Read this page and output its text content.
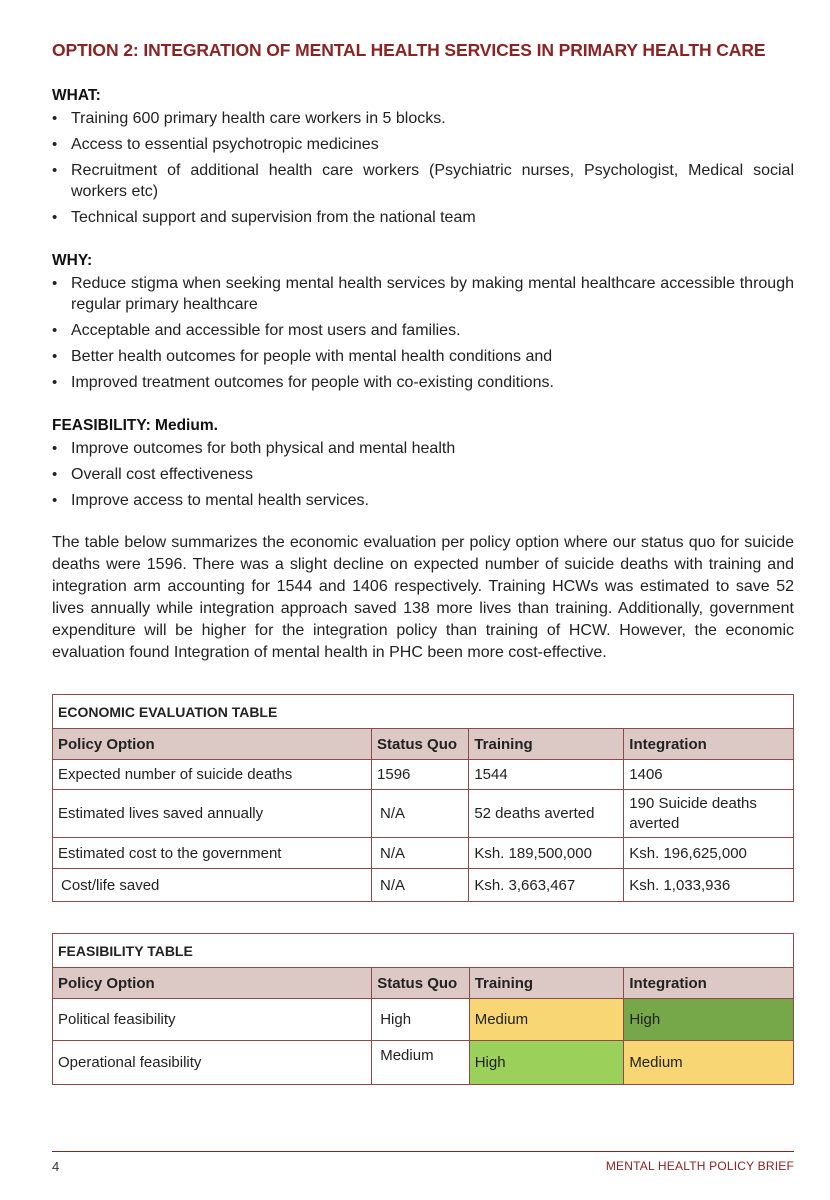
OPTION 2: INTEGRATION OF MENTAL HEALTH SERVICES IN PRIMARY HEALTH CARE

WHAT:

• Training 600 primary health care workers in 5 blocks.
• Access to essential psychotropic medicines
• Recruitment of additional health care workers (Psychiatric nurses, Psychologist, Medical social workers etc)
• Technical support and supervision from the national team

WHY:

• Reduce stigma when seeking mental health services by making mental healthcare accessible through regular primary healthcare
• Acceptable and accessible for most users and families.
• Better health outcomes for people with mental health conditions and
• Improved treatment outcomes for people with co-existing conditions.

FEASIBILITY: Medium.

• Improve outcomes for both physical and mental health
• Overall cost effectiveness
• Improve access to mental health services.

The table below summarizes the economic evaluation per policy option where our status quo for suicide deaths were 1596. There was a slight decline on expected number of suicide deaths with training and integration arm accounting for 1544 and 1406 respectively. Training HCWs was estimated to save 52 lives annually while integration approach saved 138 more lives than training. Additionally, government expenditure will be higher for the integration policy than training of HCW. However, the economic evaluation found Integration of mental health in PHC been more cost-effective.

ECONOMIC EVALUATION TABLE			
Policy Option	Status Quo	Training	Integration
Expected number of suicide deaths	1596	1544	1406
Estimated lives saved annually	N/A	52 deaths averted	190 Suicide deaths averted
Estimated cost to the government	N/A	Ksh. 189,500,000	Ksh. 196,625,000
Cost/life saved	N/A	Ksh. 3,663,467	Ksh. 1,033,936
FEASIBILITY TABLE			
Policy Option	Status Quo	Training	Integration
Political feasibility	High	Medium	High
Operational feasibility	Medium	High	Medium
4	MENTAL HEALTH POLICY BRIEF
